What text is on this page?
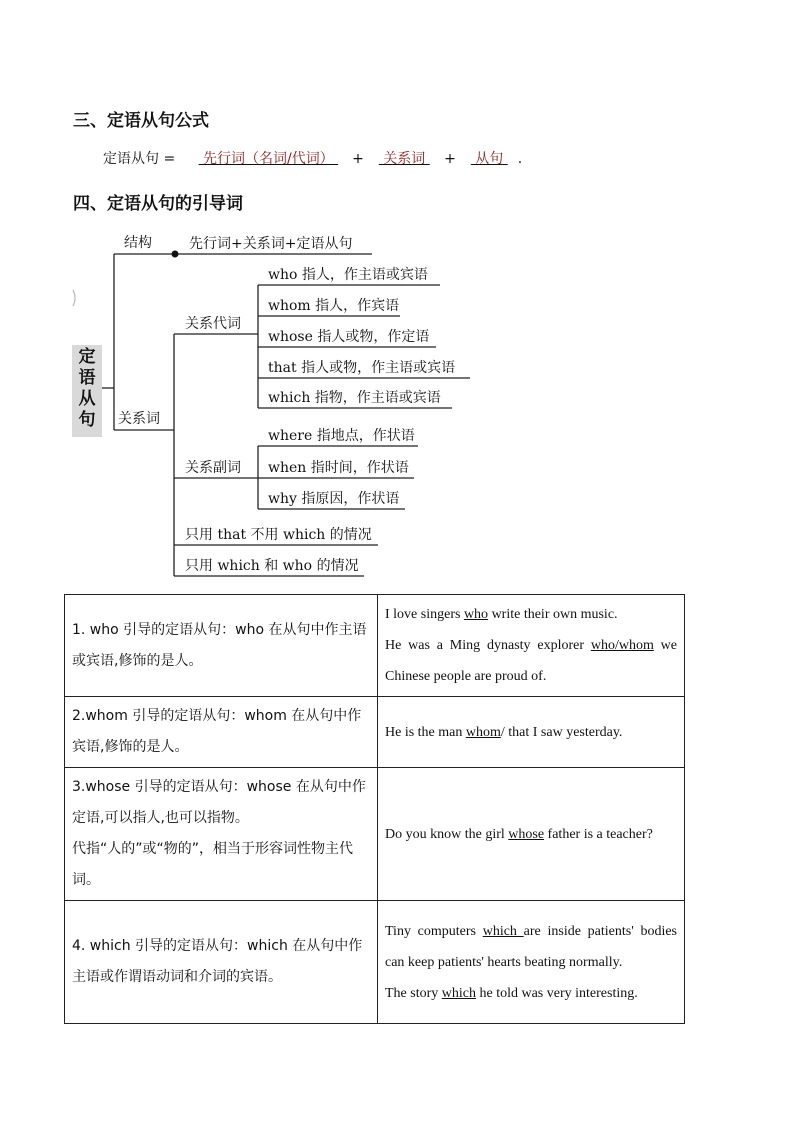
三、定语从句公式
定语从句 =    先行词（名词/代词） +   关系词  +   从句 .
四、定语从句的引导词
定语从句
结构	先行词+关系词+定语从句
关系词
关系代词
who 指人，作主语或宾语
whom 指人，作宾语
whose 指人或物，作定语
that 指人或物，作主语或宾语
which 指物，作主语或宾语
关系副词
where 指地点，作状语
when 指时间，作状语
why 指原因，作状语
只用 that 不用 which 的情况
只用 which 和 who 的情况
1. who 引导的定语从句：who 在从句中作主语或宾语,修饰的是人。	I love singers who write their own music.
He was a Ming dynasty explorer who/whom we Chinese people are proud of.

2.whom 引导的定语从句：whom 在从句中作宾语,修饰的是人。	He is the man whom/ that I saw yesterday.

3.whose 引导的定语从句：whose 在从句中作定语,可以指人,也可以指物。
代指“人的”或“物的”，相当于形容词性物主代词。	Do you know the girl whose father is a teacher?
4. which 引导的定语从句：which 在从句中作主语或作谓语动词和介词的宾语。	Tiny computers which are inside patients' bodies can keep patients' hearts beating normally.
The story which he told was very interesting.
